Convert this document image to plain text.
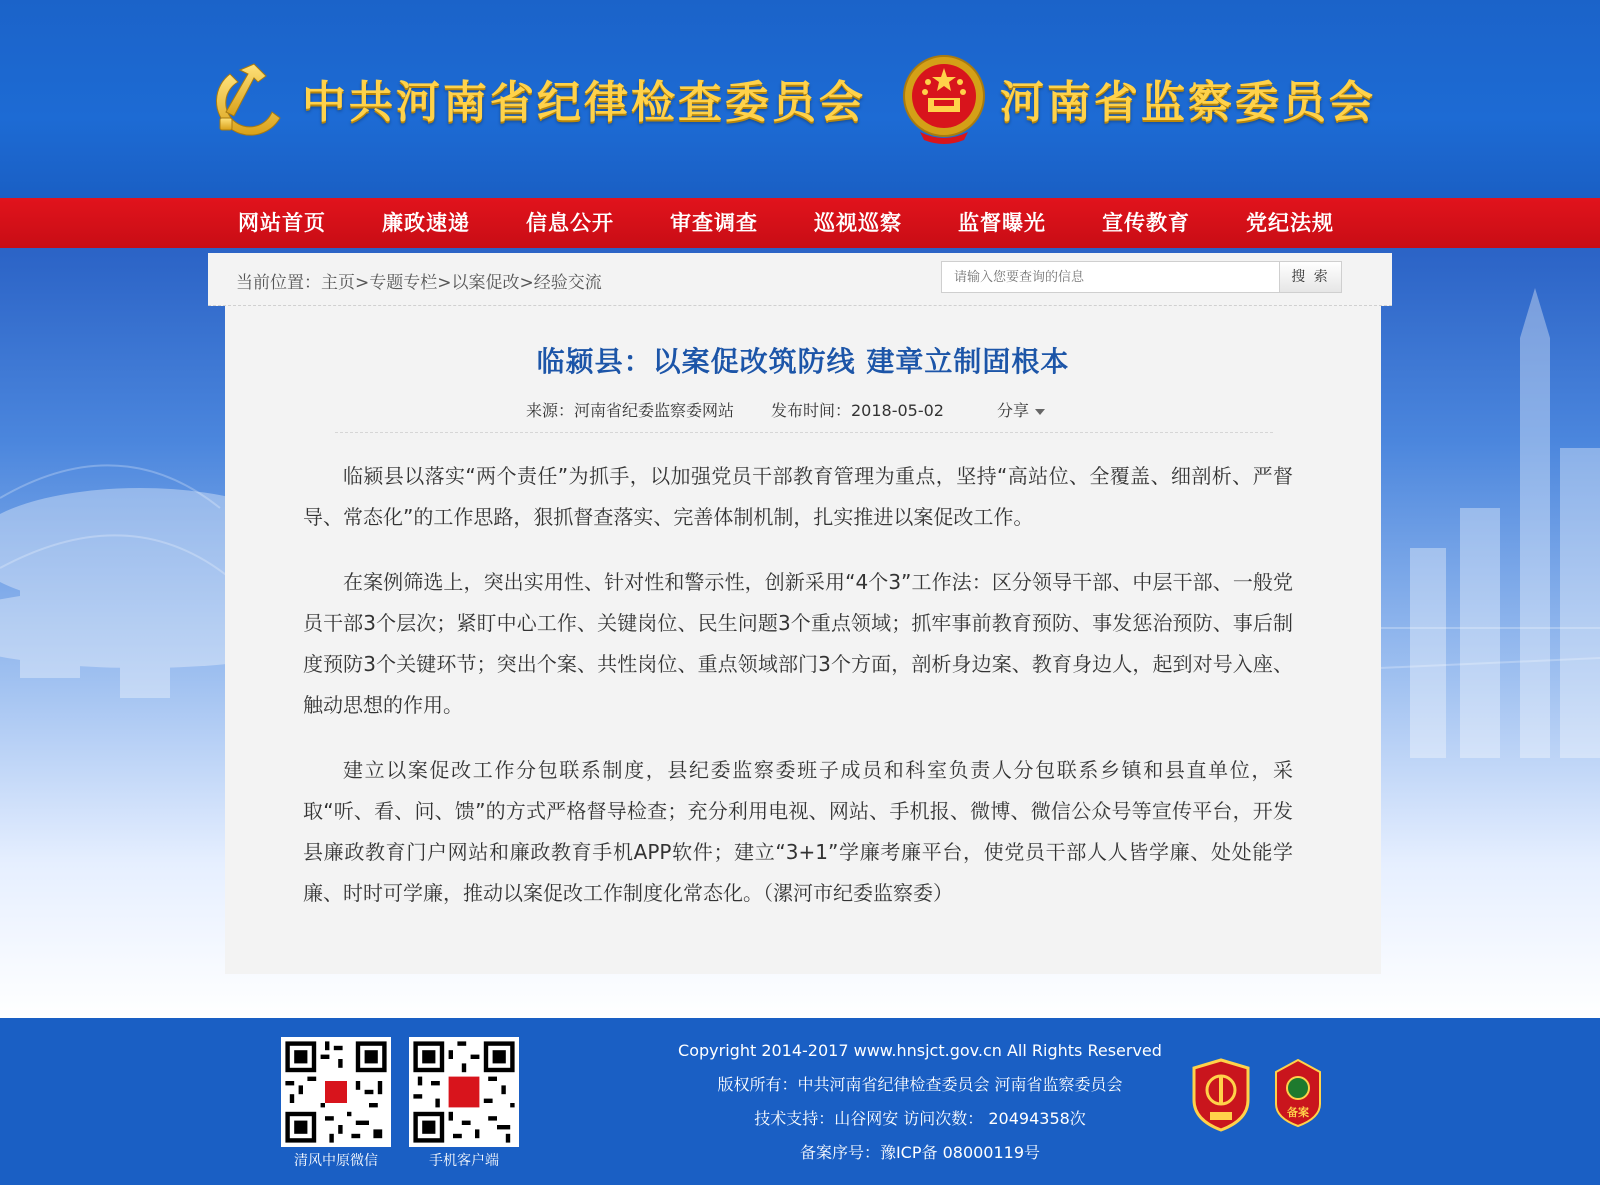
中共河南省纪律检查委员会	河南省监察委员会
网站首页	廉政速递	信息公开	审查调查	巡视巡察	监督曝光	宣传教育	党纪法规
当前位置：主页>专题专栏>以案促改>经验交流
请输入您要查询的信息	搜 索
临颍县：以案促改筑防线 建章立制固根本
来源：河南省纪委监察委网站 发布时间：2018-05-02	分享

临颍县以落实“两个责任”为抓手，以加强党员干部教育管理为重点，坚持“高站位、全覆盖、细剖析、严督导、常态化”的工作思路，狠抓督查落实、完善体制机制，扎实推进以案促改工作。

在案例筛选上，突出实用性、针对性和警示性，创新采用“4个3”工作法：区分领导干部、中层干部、一般党员干部3个层次；紧盯中心工作、关键岗位、民生问题3个重点领域；抓牢事前教育预防、事发惩治预防、事后制度预防3个关键环节；突出个案、共性岗位、重点领域部门3个方面，剖析身边案、教育身边人，起到对号入座、触动思想的作用。

建立以案促改工作分包联系制度，县纪委监察委班子成员和科室负责人分包联系乡镇和县直单位，采取“听、看、问、馈”的方式严格督导检查；充分利用电视、网站、手机报、微博、微信公众号等宣传平台，开发县廉政教育门户网站和廉政教育手机APP软件；建立“3+1”学廉考廉平台，使党员干部人人皆学廉、处处能学廉、时时可学廉，推动以案促改工作制度化常态化。（漯河市纪委监察委）

清风中原微信	手机客户端
Copyright 2014-2017 www.hnsjct.gov.cn All Rights Reserved
版权所有：中共河南省纪律检查委员会 河南省监察委员会
技术支持：山谷网安 访问次数： 20494358次
备案序号：豫ICP备 08000119号
备案
